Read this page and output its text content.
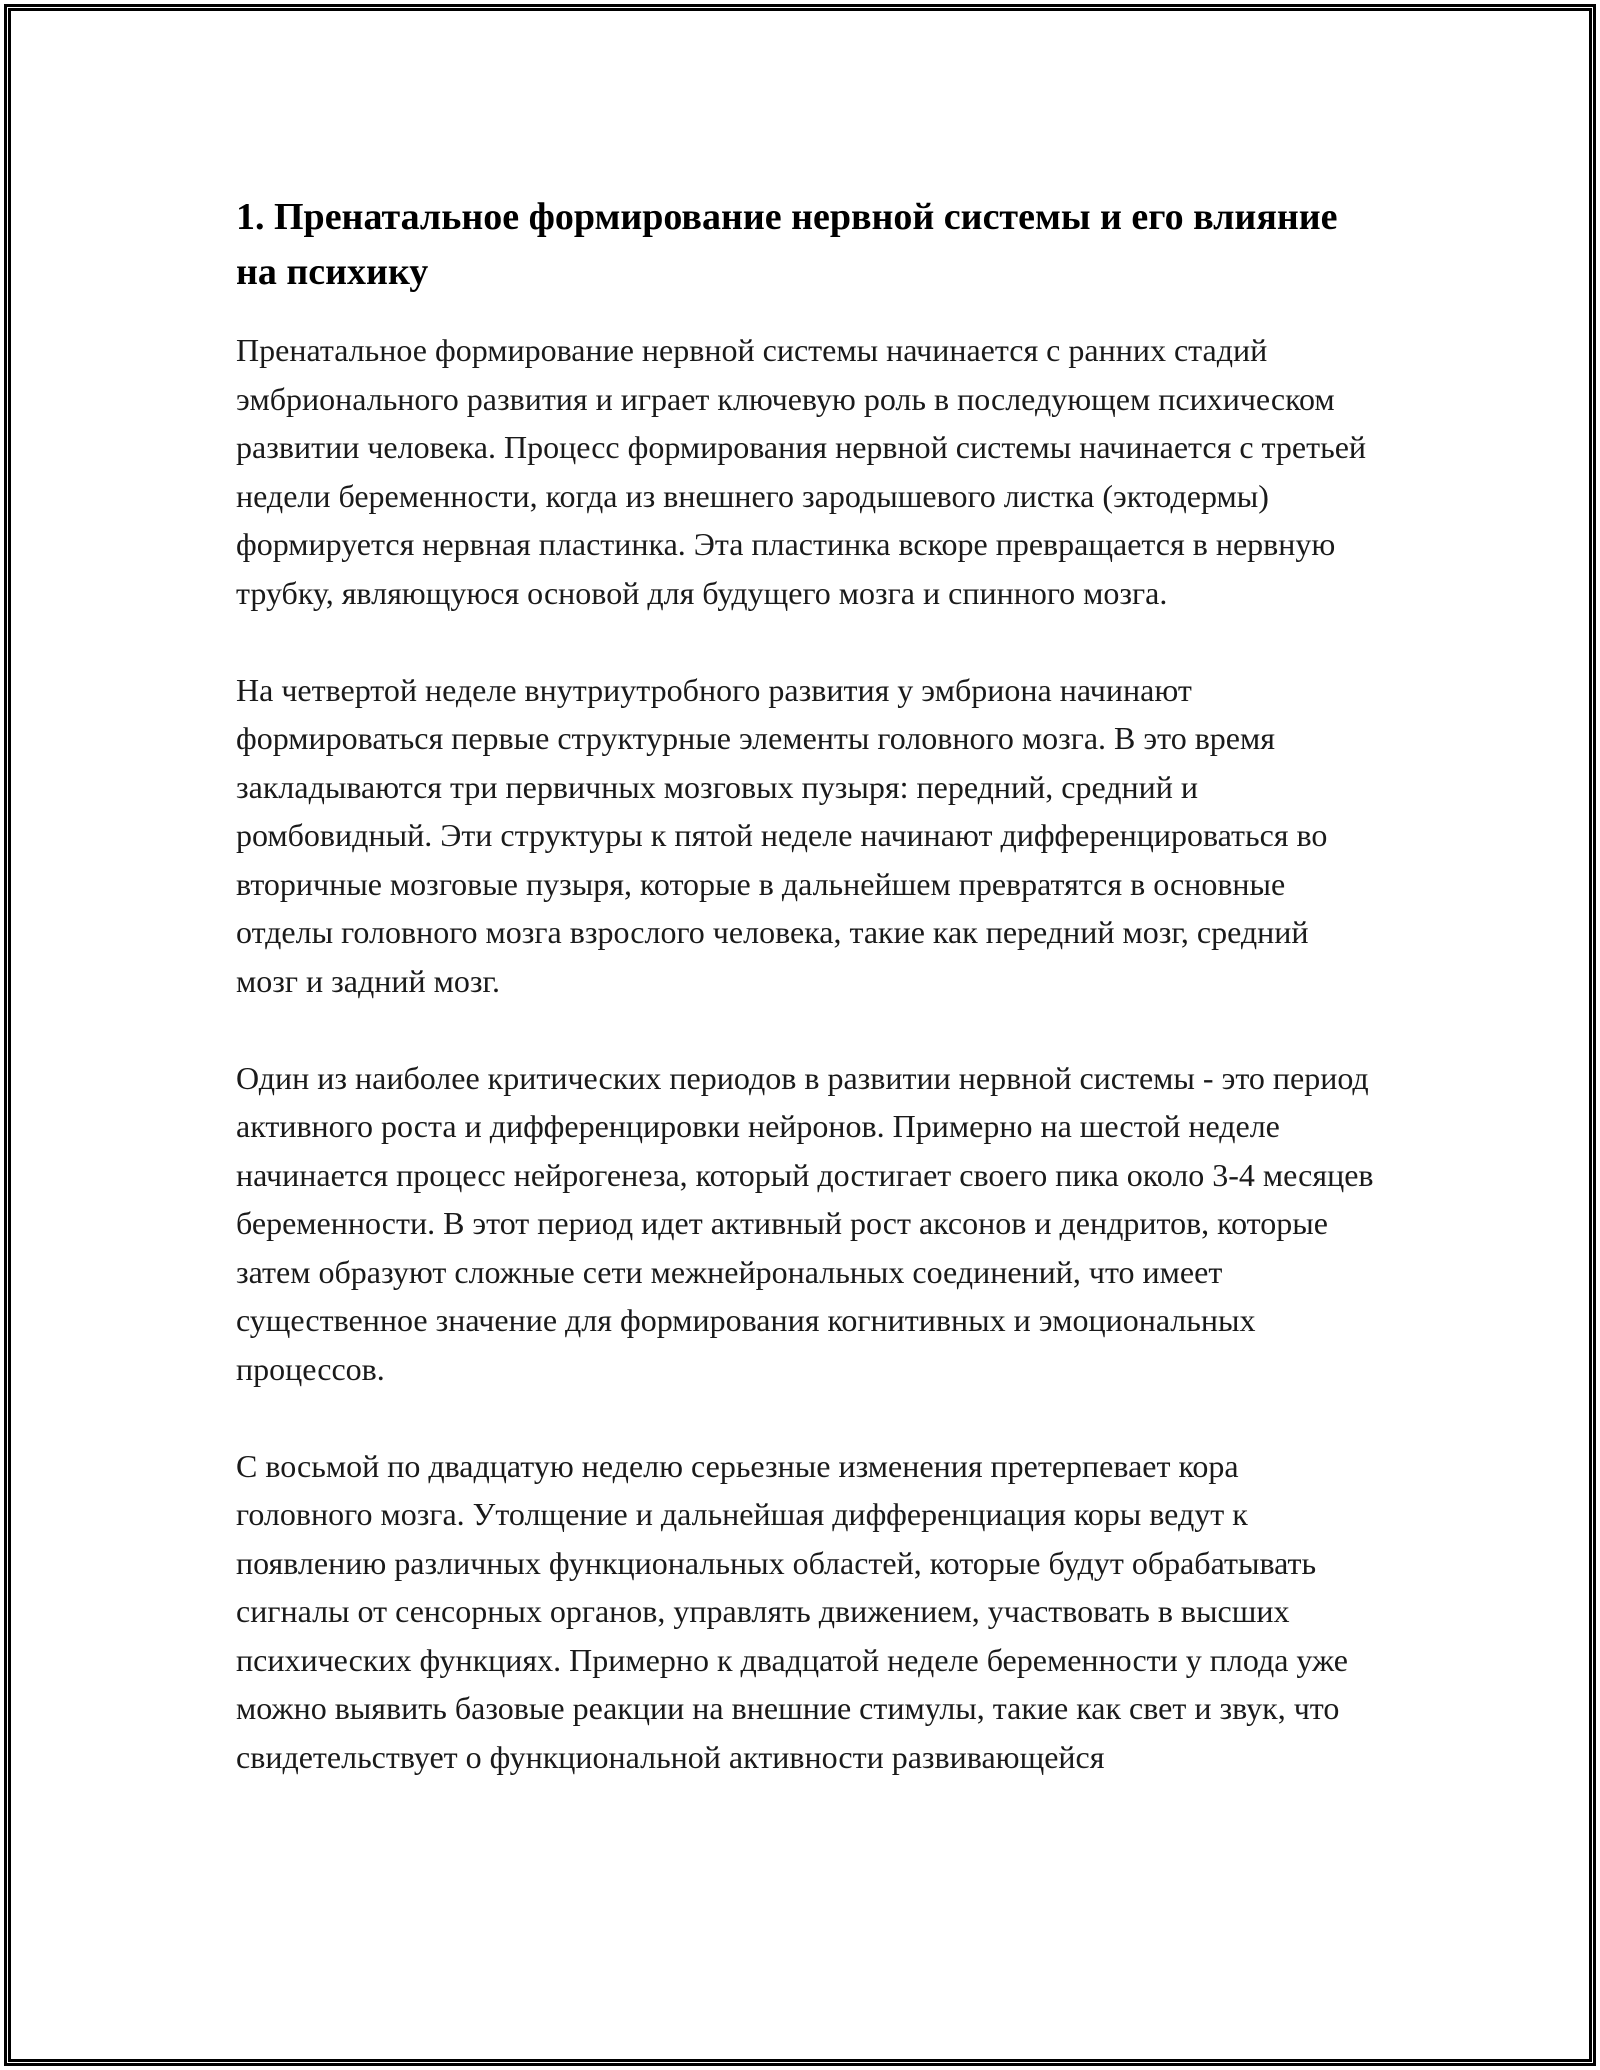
1. Пренатальное формирование нервной системы и его влияние на психику

Пренатальное формирование нервной системы начинается с ранних стадий эмбрионального развития и играет ключевую роль в последующем психическом развитии человека. Процесс формирования нервной системы начинается с третьей недели беременности, когда из внешнего зародышевого листка (эктодермы) формируется нервная пластинка. Эта пластинка вскоре превращается в нервную трубку, являющуюся основой для будущего мозга и спинного мозга.

На четвертой неделе внутриутробного развития у эмбриона начинают формироваться первые структурные элементы головного мозга. В это время закладываются три первичных мозговых пузыря: передний, средний и ромбовидный. Эти структуры к пятой неделе начинают дифференцироваться во вторичные мозговые пузыря, которые в дальнейшем превратятся в основные отделы головного мозга взрослого человека, такие как передний мозг, средний мозг и задний мозг.

Один из наиболее критических периодов в развитии нервной системы - это период активного роста и дифференцировки нейронов. Примерно на шестой неделе начинается процесс нейрогенеза, который достигает своего пика около 3-4 месяцев беременности. В этот период идет активный рост аксонов и дендритов, которые затем образуют сложные сети межнейрональных соединений, что имеет существенное значение для формирования когнитивных и эмоциональных процессов.

С восьмой по двадцатую неделю серьезные изменения претерпевает кора головного мозга. Утолщение и дальнейшая дифференциация коры ведут к появлению различных функциональных областей, которые будут обрабатывать сигналы от сенсорных органов, управлять движением, участвовать в высших психических функциях. Примерно к двадцатой неделе беременности у плода уже можно выявить базовые реакции на внешние стимулы, такие как свет и звук, что свидетельствует о функциональной активности развивающейся
